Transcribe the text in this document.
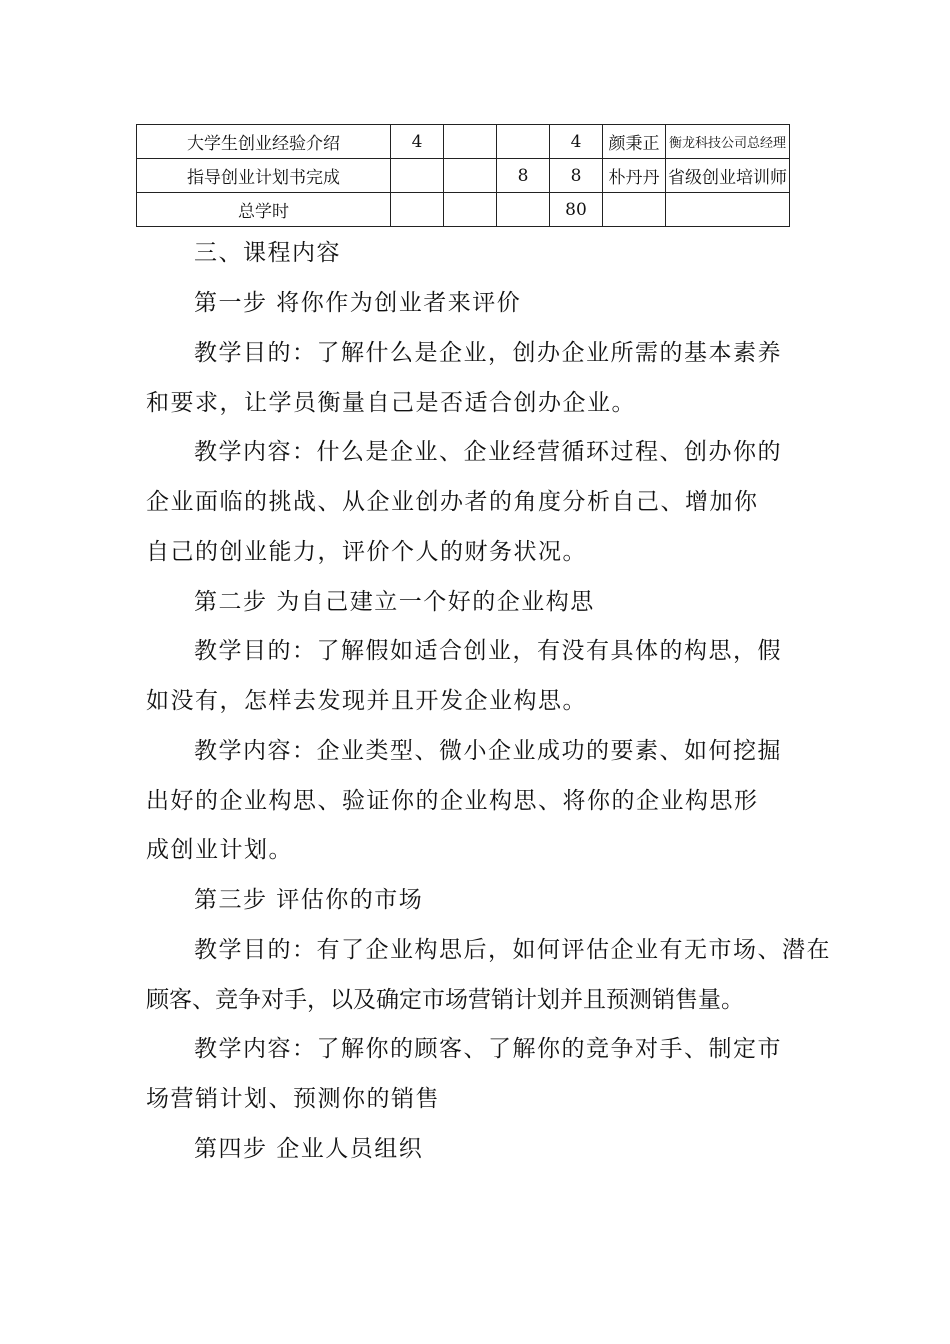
大学生创业经验介绍	4			4	颜秉正	衡龙科技公司总经理
指导创业计划书完成			8	8	朴丹丹	省级创业培训师
总学时				80		
三、课程内容
第一步 将你作为创业者来评价
教学目的：了解什么是企业，创办企业所需的基本素养
和要求，让学员衡量自己是否适合创办企业。
教学内容：什么是企业、企业经营循环过程、创办你的
企业面临的挑战、从企业创办者的角度分析自己、增加你
自己的创业能力，评价个人的财务状况。
第二步 为自己建立一个好的企业构思
教学目的：了解假如适合创业，有没有具体的构思，假
如没有，怎样去发现并且开发企业构思。
教学内容：企业类型、微小企业成功的要素、如何挖掘
出好的企业构思、验证你的企业构思、将你的企业构思形
成创业计划。
第三步 评估你的市场
教学目的：有了企业构思后，如何评估企业有无市场、潜在
顾客、竞争对手，以及确定市场营销计划并且预测销售量。
教学内容：了解你的顾客、了解你的竞争对手、制定市
场营销计划、预测你的销售
第四步 企业人员组织
